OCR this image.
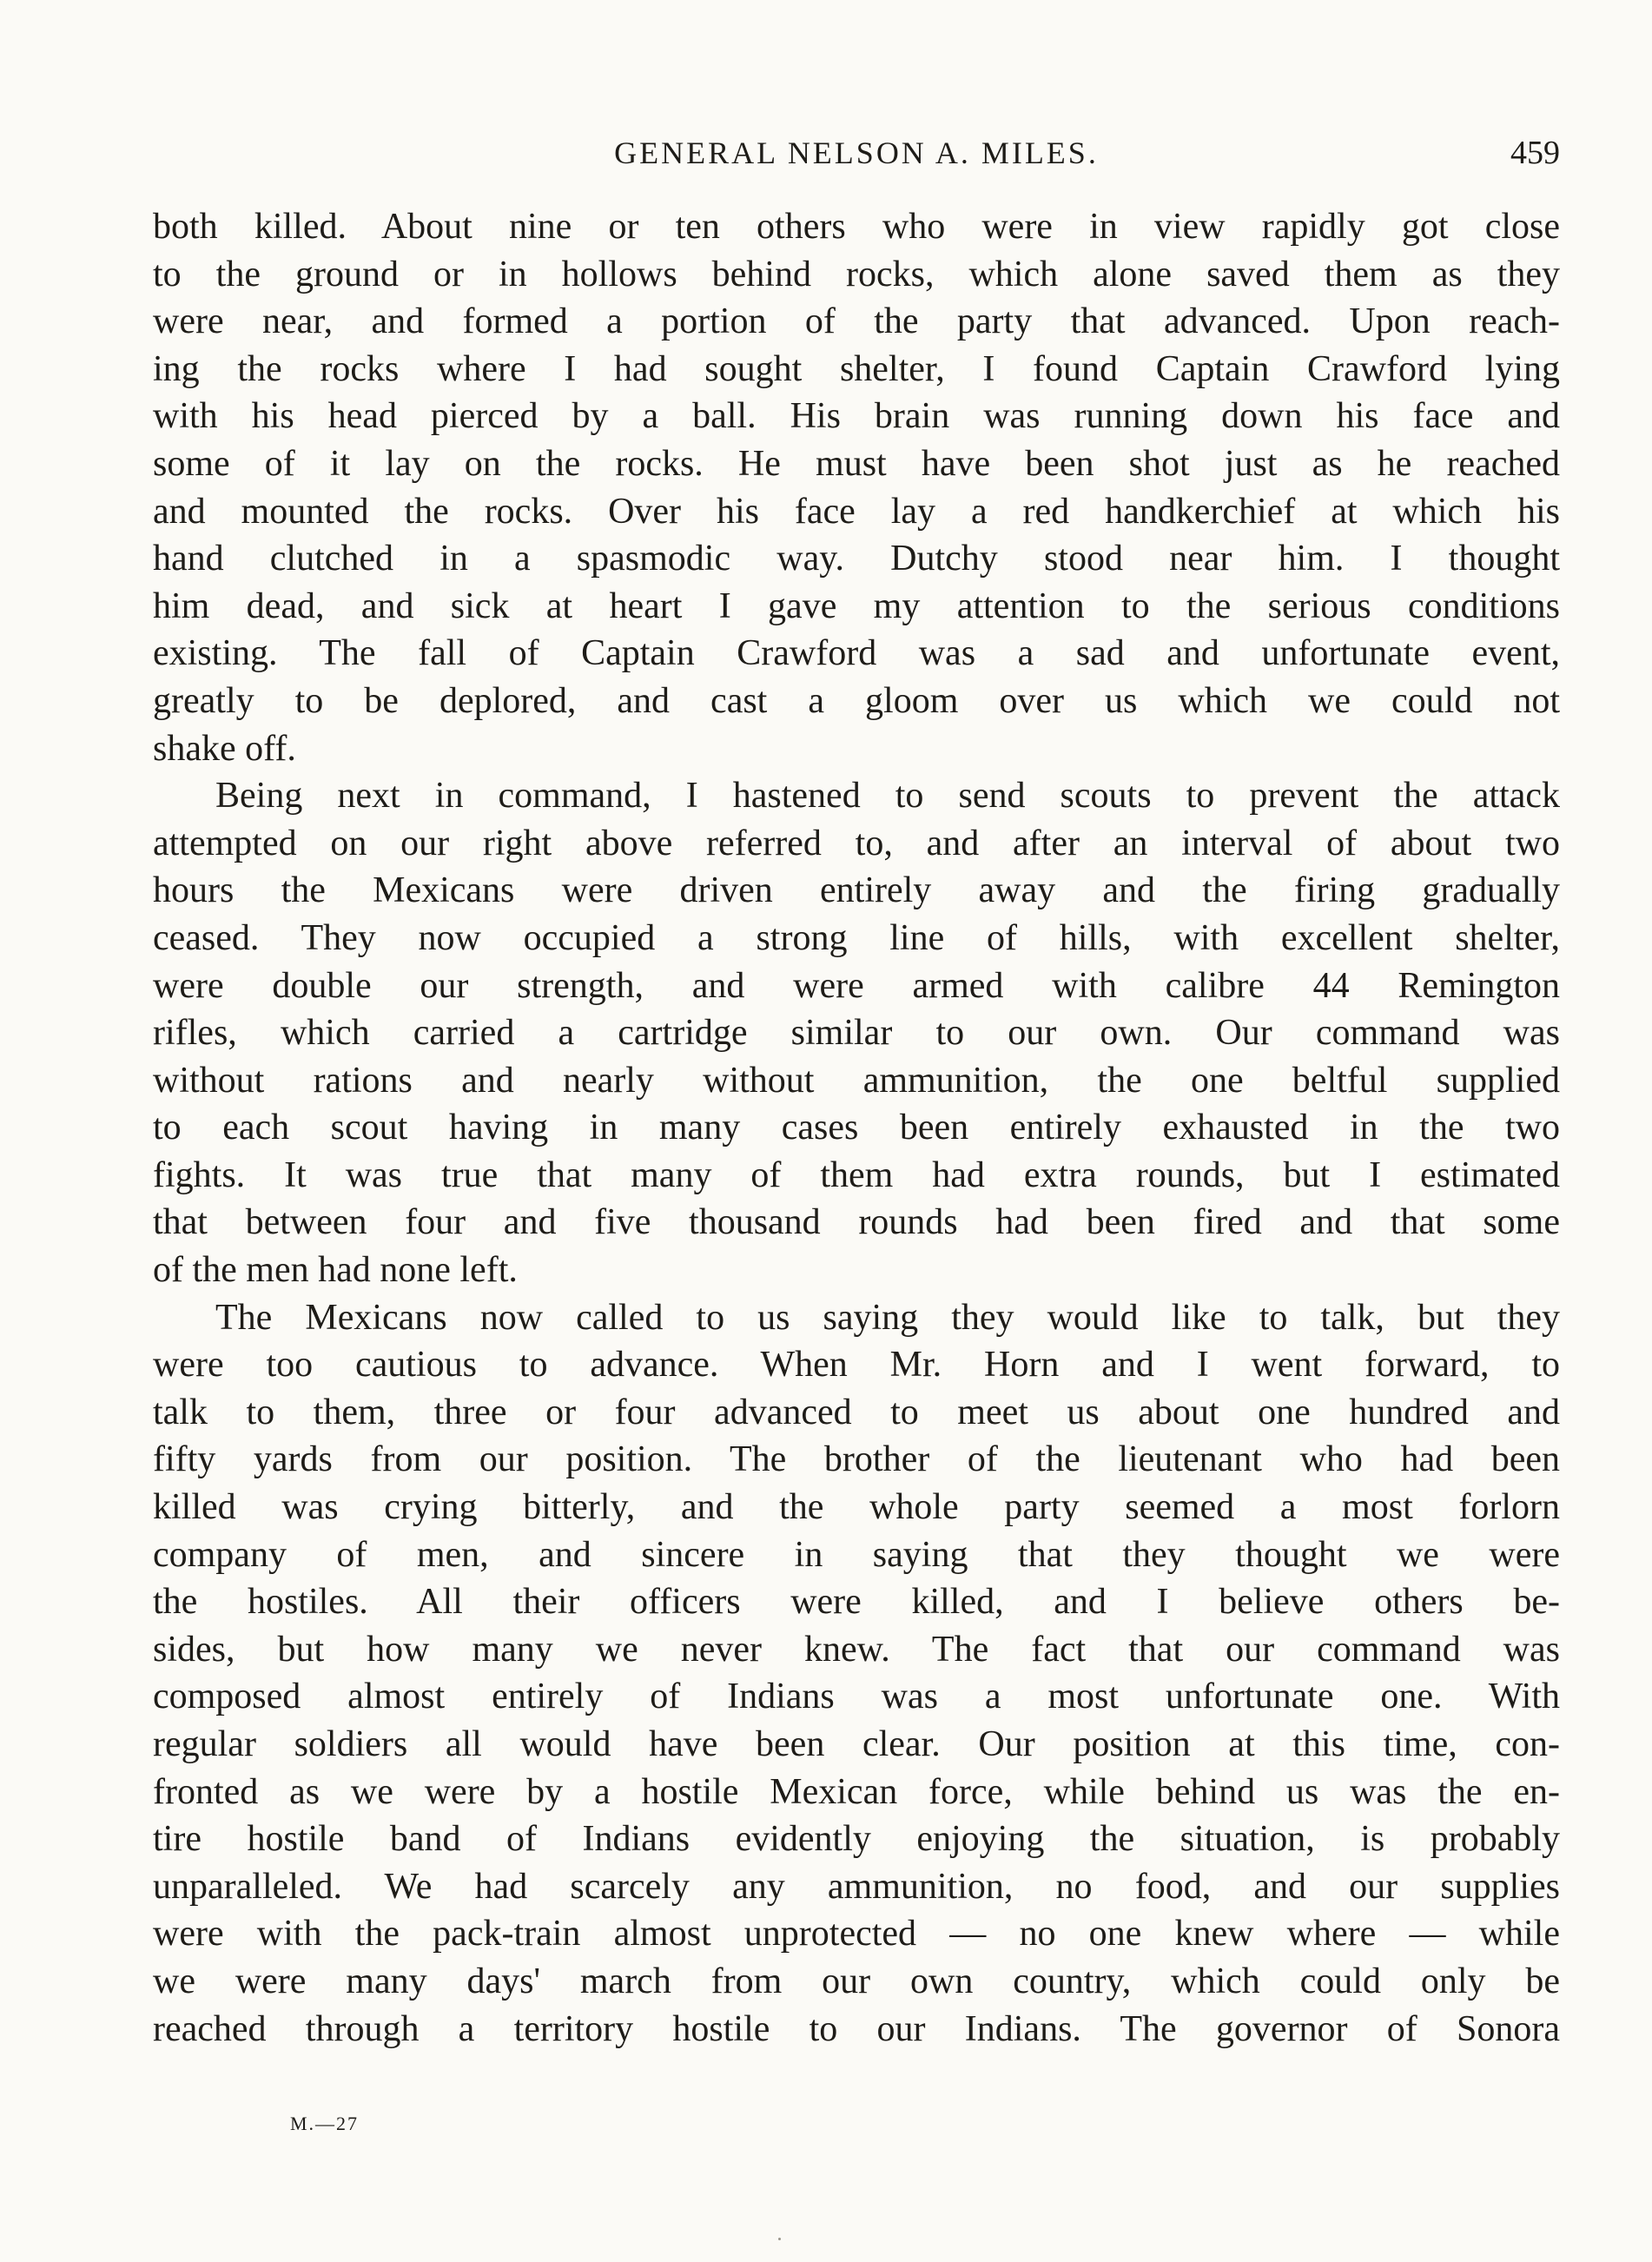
GENERAL NELSON A. MILES.	459
both killed. About nine or ten others who were in view rapidly got close
to the ground or in hollows behind rocks, which alone saved them as they
were near, and formed a portion of the party that advanced. Upon reach-
ing the rocks where I had sought shelter, I found Captain Crawford lying
with his head pierced by a ball. His brain was running down his face and
some of it lay on the rocks. He must have been shot just as he reached
and mounted the rocks. Over his face lay a red handkerchief at which his
hand clutched in a spasmodic way. Dutchy stood near him. I thought
him dead, and sick at heart I gave my attention to the serious conditions
existing. The fall of Captain Crawford was a sad and unfortunate event,
greatly to be deplored, and cast a gloom over us which we could not
shake off.
Being next in command, I hastened to send scouts to prevent the attack
attempted on our right above referred to, and after an interval of about two
hours the Mexicans were driven entirely away and the firing gradually
ceased. They now occupied a strong line of hills, with excellent shelter,
were double our strength, and were armed with calibre 44 Remington
rifles, which carried a cartridge similar to our own. Our command was
without rations and nearly without ammunition, the one beltful supplied
to each scout having in many cases been entirely exhausted in the two
fights. It was true that many of them had extra rounds, but I estimated
that between four and five thousand rounds had been fired and that some
of the men had none left.
The Mexicans now called to us saying they would like to talk, but they
were too cautious to advance. When Mr. Horn and I went forward, to
talk to them, three or four advanced to meet us about one hundred and
fifty yards from our position. The brother of the lieutenant who had been
killed was crying bitterly, and the whole party seemed a most forlorn
company of men, and sincere in saying that they thought we were
the hostiles. All their officers were killed, and I believe others be-
sides, but how many we never knew. The fact that our command was
composed almost entirely of Indians was a most unfortunate one. With
regular soldiers all would have been clear. Our position at this time, con-
fronted as we were by a hostile Mexican force, while behind us was the en-
tire hostile band of Indians evidently enjoying the situation, is probably
unparalleled. We had scarcely any ammunition, no food, and our supplies
were with the pack-train almost unprotected — no one knew where — while
we were many days' march from our own country, which could only be
reached through a territory hostile to our Indians. The governor of Sonora
M.—27
